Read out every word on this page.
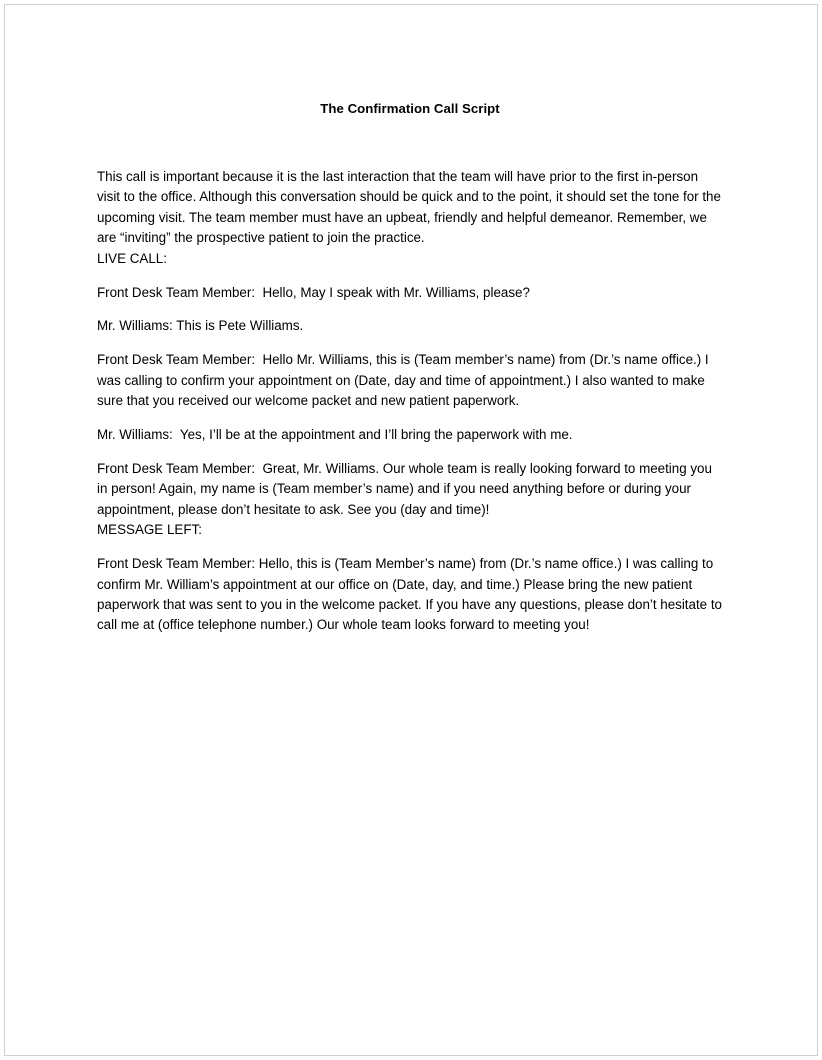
The Confirmation Call Script

This call is important because it is the last interaction that the team will have prior to the first in-person visit to the office. Although this conversation should be quick and to the point, it should set the tone for the upcoming visit. The team member must have an upbeat, friendly and helpful demeanor. Remember, we are “inviting” the prospective patient to join the practice.

LIVE CALL:

Front Desk Team Member:  Hello, May I speak with Mr. Williams, please?

Mr. Williams: This is Pete Williams.

Front Desk Team Member:  Hello Mr. Williams, this is (Team member’s name) from (Dr.’s name office.) I was calling to confirm your appointment on (Date, day and time of appointment.) I also wanted to make sure that you received our welcome packet and new patient paperwork.

Mr. Williams:  Yes, I’ll be at the appointment and I’ll bring the paperwork with me.

Front Desk Team Member:  Great, Mr. Williams. Our whole team is really looking forward to meeting you in person! Again, my name is (Team member’s name) and if you need anything before or during your appointment, please don’t hesitate to ask. See you (day and time)!

MESSAGE LEFT:

Front Desk Team Member: Hello, this is (Team Member’s name) from (Dr.’s name office.) I was calling to confirm Mr. William’s appointment at our office on (Date, day, and time.) Please bring the new patient paperwork that was sent to you in the welcome packet. If you have any questions, please don’t hesitate to call me at (office telephone number.) Our whole team looks forward to meeting you!
